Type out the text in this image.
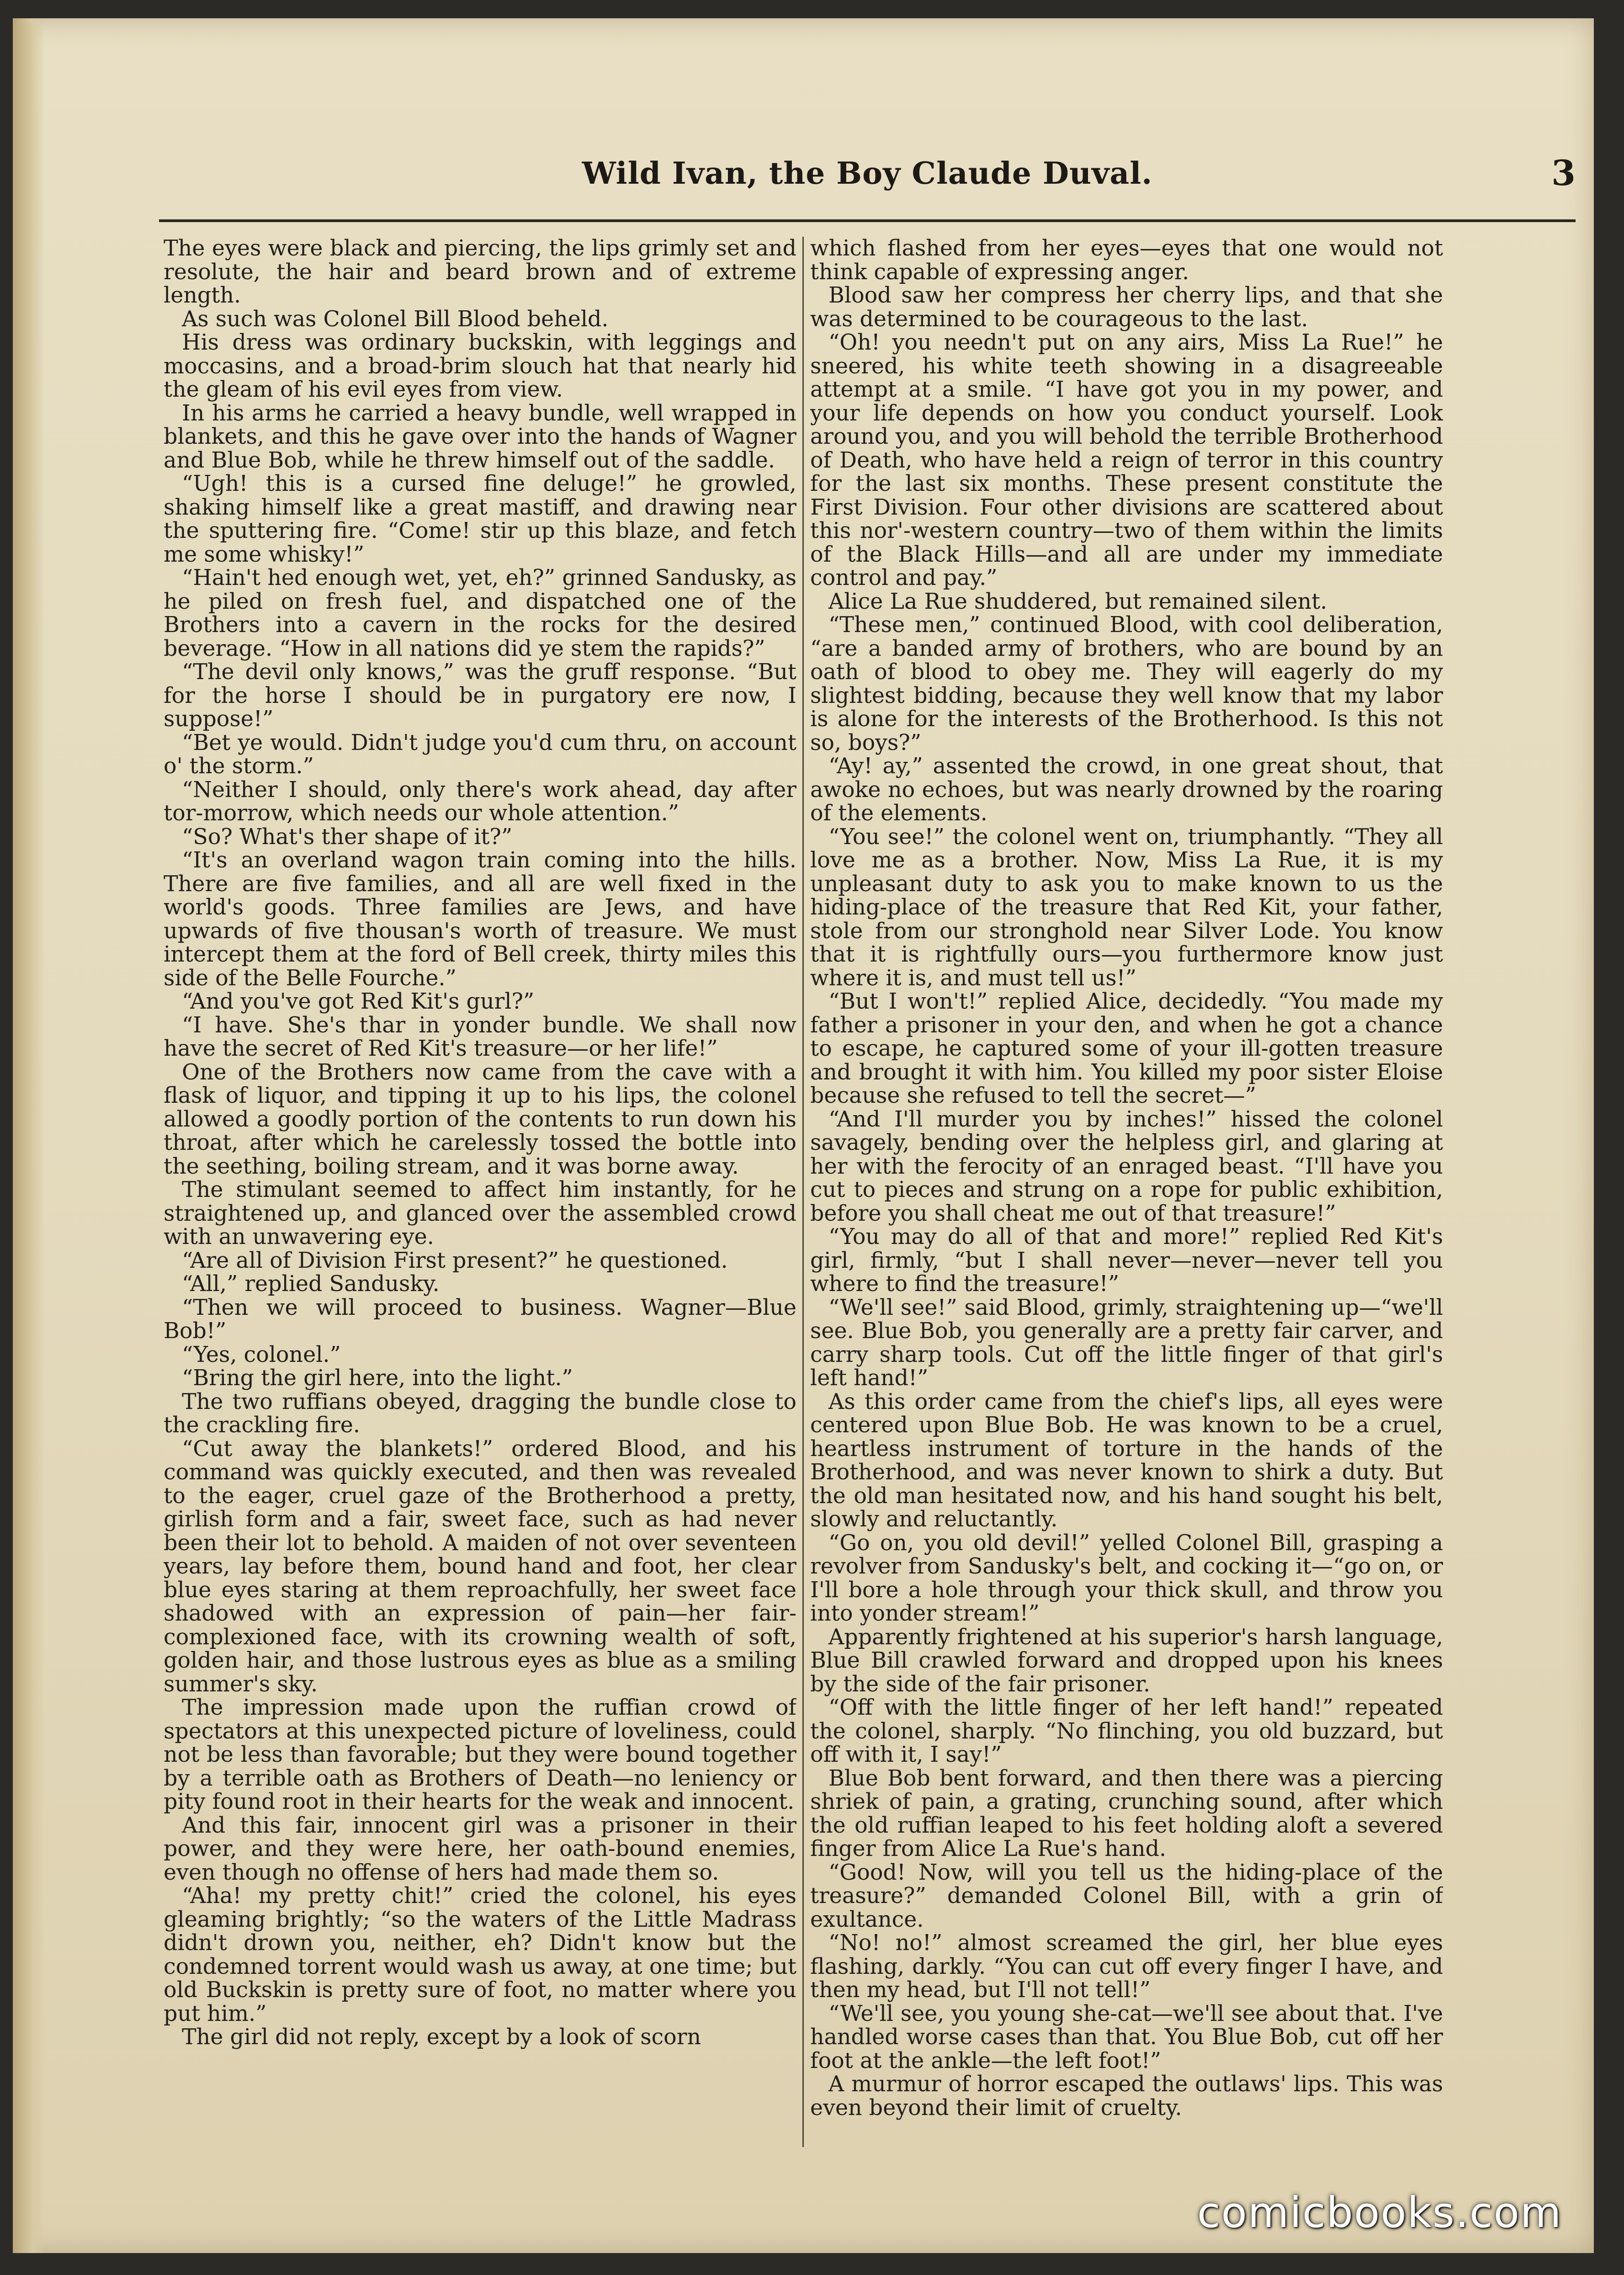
Wild Ivan, the Boy Claude Duval.	3

The eyes were black and piercing, the lips grimly set and resolute, the hair and beard brown and of extreme length.

As such was Colonel Bill Blood beheld.

His dress was ordinary buckskin, with leggings and moccasins, and a broad-brim slouch hat that nearly hid the gleam of his evil eyes from view.

In his arms he carried a heavy bundle, well wrapped in blankets, and this he gave over into the hands of Wagner and Blue Bob, while he threw himself out of the saddle.

“Ugh! this is a cursed fine deluge!” he growled, shaking himself like a great mastiff, and drawing near the sputtering fire. “Come! stir up this blaze, and fetch me some whisky!”

“Hain't hed enough wet, yet, eh?” grinned Sandusky, as he piled on fresh fuel, and dispatched one of the Brothers into a cavern in the rocks for the desired beverage. “How in all nations did ye stem the rapids?”

“The devil only knows,” was the gruff response. “But for the horse I should be in purgatory ere now, I suppose!”

“Bet ye would. Didn't judge you'd cum thru, on account o' the storm.”

“Neither I should, only there's work ahead, day after tor-morrow, which needs our whole attention.”

“So? What's ther shape of it?”

“It's an overland wagon train coming into the hills. There are five families, and all are well fixed in the world's goods. Three families are Jews, and have upwards of five thousan's worth of treasure. We must intercept them at the ford of Bell creek, thirty miles this side of the Belle Fourche.”

“And you've got Red Kit's gurl?”

“I have. She's thar in yonder bundle. We shall now have the secret of Red Kit's treasure—or her life!”

One of the Brothers now came from the cave with a flask of liquor, and tipping it up to his lips, the colonel allowed a goodly portion of the contents to run down his throat, after which he carelessly tossed the bottle into the seething, boiling stream, and it was borne away.

The stimulant seemed to affect him instantly, for he straightened up, and glanced over the assembled crowd with an unwavering eye.

“Are all of Division First present?” he questioned.

“All,” replied Sandusky.

“Then we will proceed to business. Wagner—Blue Bob!”

“Yes, colonel.”

“Bring the girl here, into the light.”

The two ruffians obeyed, dragging the bundle close to the crackling fire.

“Cut away the blankets!” ordered Blood, and his command was quickly executed, and then was revealed to the eager, cruel gaze of the Brotherhood a pretty, girlish form and a fair, sweet face, such as had never been their lot to behold. A maiden of not over seventeen years, lay before them, bound hand and foot, her clear blue eyes staring at them reproachfully, her sweet face shadowed with an expression of pain—her fair-complexioned face, with its crowning wealth of soft, golden hair, and those lustrous eyes as blue as a smiling summer's sky.

The impression made upon the ruffian crowd of spectators at this unexpected picture of loveliness, could not be less than favorable; but they were bound together by a terrible oath as Brothers of Death—no leniency or pity found root in their hearts for the weak and innocent.

And this fair, innocent girl was a prisoner in their power, and they were here, her oath-bound enemies, even though no offense of hers had made them so.

“Aha! my pretty chit!” cried the colonel, his eyes gleaming brightly; “so the waters of the Little Madrass didn't drown you, neither, eh? Didn't know but the condemned torrent would wash us away, at one time; but old Buckskin is pretty sure of foot, no matter where you put him.”

The girl did not reply, except by a look of scorn

which flashed from her eyes—eyes that one would not think capable of expressing anger.

Blood saw her compress her cherry lips, and that she was determined to be courageous to the last.

“Oh! you needn't put on any airs, Miss La Rue!” he sneered, his white teeth showing in a disagreeable attempt at a smile. “I have got you in my power, and your life depends on how you conduct yourself. Look around you, and you will behold the terrible Brotherhood of Death, who have held a reign of terror in this country for the last six months. These present constitute the First Division. Four other divisions are scattered about this nor'-western country—two of them within the limits of the Black Hills—and all are under my immediate control and pay.”

Alice La Rue shuddered, but remained silent.

“These men,” continued Blood, with cool deliberation, “are a banded army of brothers, who are bound by an oath of blood to obey me. They will eagerly do my slightest bidding, because they well know that my labor is alone for the interests of the Brotherhood. Is this not so, boys?”

“Ay! ay,” assented the crowd, in one great shout, that awoke no echoes, but was nearly drowned by the roaring of the elements.

“You see!” the colonel went on, triumphantly. “They all love me as a brother. Now, Miss La Rue, it is my unpleasant duty to ask you to make known to us the hiding-place of the treasure that Red Kit, your father, stole from our stronghold near Silver Lode. You know that it is rightfully ours—you furthermore know just where it is, and must tell us!”

“But I won't!” replied Alice, decidedly. “You made my father a prisoner in your den, and when he got a chance to escape, he captured some of your ill-gotten treasure and brought it with him. You killed my poor sister Eloise because she refused to tell the secret—”

“And I'll murder you by inches!” hissed the colonel savagely, bending over the helpless girl, and glaring at her with the ferocity of an enraged beast. “I'll have you cut to pieces and strung on a rope for public exhibition, before you shall cheat me out of that treasure!”

“You may do all of that and more!” replied Red Kit's girl, firmly, “but I shall never—never—never tell you where to find the treasure!”

“We'll see!” said Blood, grimly, straightening up—“we'll see. Blue Bob, you generally are a pretty fair carver, and carry sharp tools. Cut off the little finger of that girl's left hand!”

As this order came from the chief's lips, all eyes were centered upon Blue Bob. He was known to be a cruel, heartless instrument of torture in the hands of the Brotherhood, and was never known to shirk a duty. But the old man hesitated now, and his hand sought his belt, slowly and reluctantly.

“Go on, you old devil!” yelled Colonel Bill, grasping a revolver from Sandusky's belt, and cocking it—“go on, or I'll bore a hole through your thick skull, and throw you into yonder stream!”

Apparently frightened at his superior's harsh language, Blue Bill crawled forward and dropped upon his knees by the side of the fair prisoner.

“Off with the little finger of her left hand!” repeated the colonel, sharply. “No flinching, you old buzzard, but off with it, I say!”

Blue Bob bent forward, and then there was a piercing shriek of pain, a grating, crunching sound, after which the old ruffian leaped to his feet holding aloft a severed finger from Alice La Rue's hand.

“Good! Now, will you tell us the hiding-place of the treasure?” demanded Colonel Bill, with a grin of exultance.

“No! no!” almost screamed the girl, her blue eyes flashing, darkly. “You can cut off every finger I have, and then my head, but I'll not tell!”

“We'll see, you young she-cat—we'll see about that. I've handled worse cases than that. You Blue Bob, cut off her foot at the ankle—the left foot!”

A murmur of horror escaped the outlaws' lips. This was even beyond their limit of cruelty.

comicbooks.com
